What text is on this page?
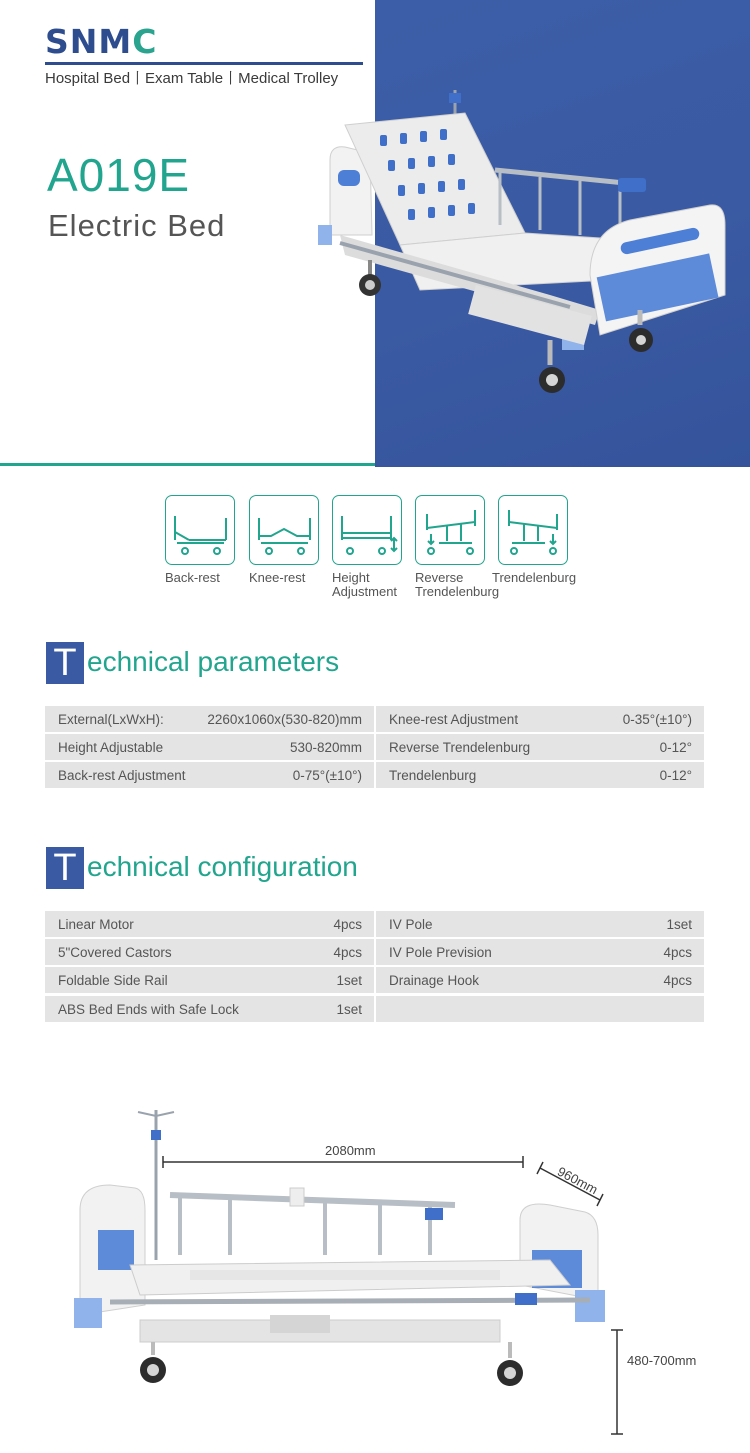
SNMC
Hospital Bed丨Exam Table丨Medical Trolley
A019E
Electric Bed
Back-rest Knee-rest Height
Adjustment
Reverse
Trendelenburg
Trendelenburg
T echnical parameters
External(LxWxH):	2260x1060x(530-820)mm Knee-rest Adjustment	0-35°(±10°)
Height Adjustable	530-820mm Reverse Trendelenburg	0-12°
Back-rest Adjustment	0-75°(±10°) Trendelenburg	0-12°
T echnical configuration
Linear Motor	4pcs IV Pole	1set
5"Covered Castors	4pcs IV Pole Prevision	4pcs
Foldable Side Rail	1set Drainage Hook	4pcs
ABS Bed Ends with Safe Lock	1set
2080mm
960mm
480-700mm
